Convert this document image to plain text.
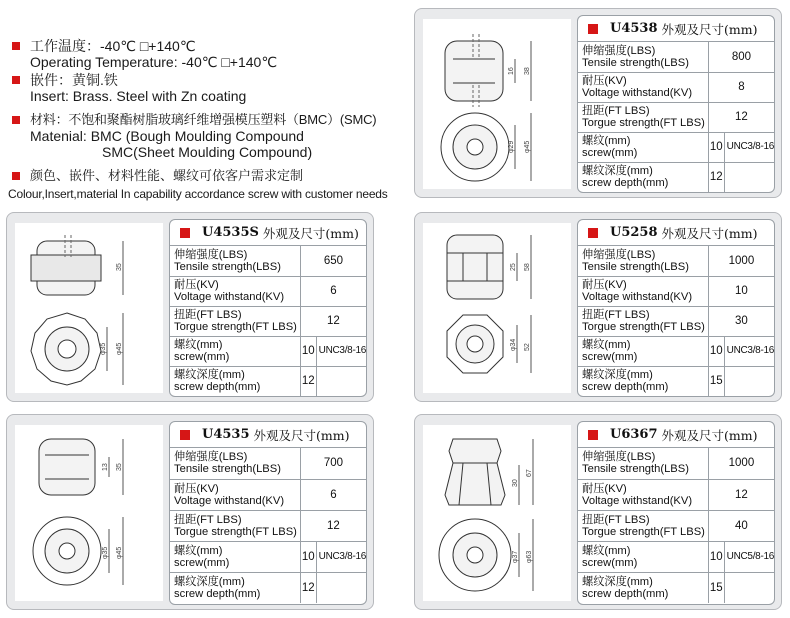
工作温度：-40℃ □+140℃
Operating Temperature: -40℃ □+140℃
嵌件：黄铜.铁
Insert: Brass. Steel with Zn coating
材料：不饱和聚酯树脂玻璃纤维增强模压塑料（BMC）(SMC)
Matenial: BMC (Bough Moulding Compound
SMC(Sheet Moulding Compound)
颜色、嵌件、材料性能、螺纹可依客户需求定制
Colour,Insert,material In capability accordance screw with customer needs
16 38
φ29 φ45
U4538 外观及尺寸(mm)
伸缩强度(LBS)
Tensile strength(LBS)	800	

耐压(KV)
Voltage withstand(KV)	8	

扭距(FT LBS)
Torgue strength(FT LBS)	12	

螺纹(mm)
screw(mm)	10	UNC3/8-16

螺纹深度(mm)
screw depth(mm)	12	
35
φ35 φ45
U4535S 外观及尺寸(mm)
伸缩强度(LBS)
Tensile strength(LBS)	650	

耐压(KV)
Voltage withstand(KV)	6	

扭距(FT LBS)
Torgue strength(FT LBS)	12	

螺纹(mm)
screw(mm)	10	UNC3/8-16

螺纹深度(mm)
screw depth(mm)	12	
25 58
φ34 52
U5258 外观及尺寸(mm)
伸缩强度(LBS)
Tensile strength(LBS)	1000	

耐压(KV)
Voltage withstand(KV)	10	

扭距(FT LBS)
Torgue strength(FT LBS)	30	

螺纹(mm)
screw(mm)	10	UNC3/8-16

螺纹深度(mm)
screw depth(mm)	15	
13 35
φ35 φ45
U4535 外观及尺寸(mm)
伸缩强度(LBS)
Tensile strength(LBS)	700	

耐压(KV)
Voltage withstand(KV)	6	

扭距(FT LBS)
Torgue strength(FT LBS)	12	

螺纹(mm)
screw(mm)	10	UNC3/8-16

螺纹深度(mm)
screw depth(mm)	12	
30
67
φ37 φ63
U6367 外观及尺寸(mm)
伸缩强度(LBS)
Tensile strength(LBS)	1000	

耐压(KV)
Voltage withstand(KV)	12	

扭距(FT LBS)
Torgue strength(FT LBS)	40	

螺纹(mm)
screw(mm)	10	UNC5/8-16

螺纹深度(mm)
screw depth(mm)	15	
